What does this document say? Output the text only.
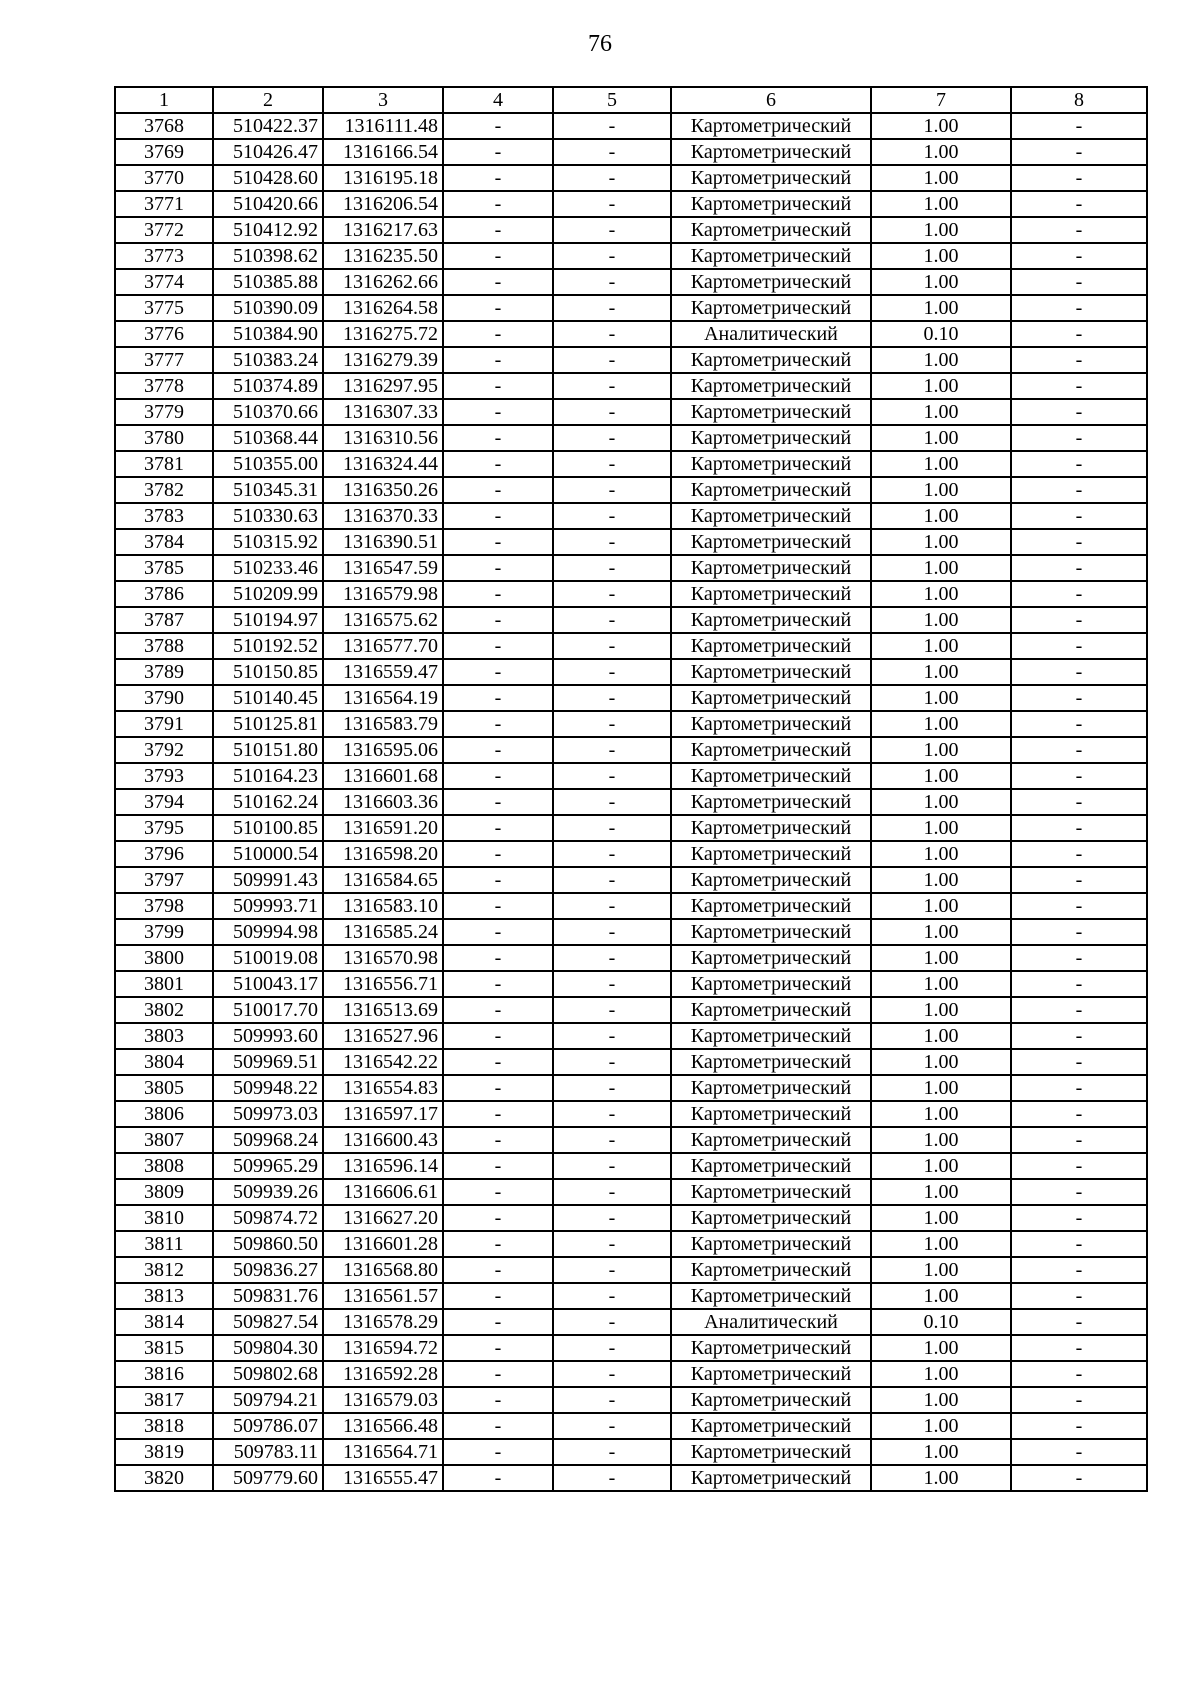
76
1	2	3	4	5	6	7	8
3768	510422.37	1316111.48	-	-	Картометрический	1.00	-
3769	510426.47	1316166.54	-	-	Картометрический	1.00	-
3770	510428.60	1316195.18	-	-	Картометрический	1.00	-
3771	510420.66	1316206.54	-	-	Картометрический	1.00	-
3772	510412.92	1316217.63	-	-	Картометрический	1.00	-
3773	510398.62	1316235.50	-	-	Картометрический	1.00	-
3774	510385.88	1316262.66	-	-	Картометрический	1.00	-
3775	510390.09	1316264.58	-	-	Картометрический	1.00	-
3776	510384.90	1316275.72	-	-	Аналитический	0.10	-
3777	510383.24	1316279.39	-	-	Картометрический	1.00	-
3778	510374.89	1316297.95	-	-	Картометрический	1.00	-
3779	510370.66	1316307.33	-	-	Картометрический	1.00	-
3780	510368.44	1316310.56	-	-	Картометрический	1.00	-
3781	510355.00	1316324.44	-	-	Картометрический	1.00	-
3782	510345.31	1316350.26	-	-	Картометрический	1.00	-
3783	510330.63	1316370.33	-	-	Картометрический	1.00	-
3784	510315.92	1316390.51	-	-	Картометрический	1.00	-
3785	510233.46	1316547.59	-	-	Картометрический	1.00	-
3786	510209.99	1316579.98	-	-	Картометрический	1.00	-
3787	510194.97	1316575.62	-	-	Картометрический	1.00	-
3788	510192.52	1316577.70	-	-	Картометрический	1.00	-
3789	510150.85	1316559.47	-	-	Картометрический	1.00	-
3790	510140.45	1316564.19	-	-	Картометрический	1.00	-
3791	510125.81	1316583.79	-	-	Картометрический	1.00	-
3792	510151.80	1316595.06	-	-	Картометрический	1.00	-
3793	510164.23	1316601.68	-	-	Картометрический	1.00	-
3794	510162.24	1316603.36	-	-	Картометрический	1.00	-
3795	510100.85	1316591.20	-	-	Картометрический	1.00	-
3796	510000.54	1316598.20	-	-	Картометрический	1.00	-
3797	509991.43	1316584.65	-	-	Картометрический	1.00	-
3798	509993.71	1316583.10	-	-	Картометрический	1.00	-
3799	509994.98	1316585.24	-	-	Картометрический	1.00	-
3800	510019.08	1316570.98	-	-	Картометрический	1.00	-
3801	510043.17	1316556.71	-	-	Картометрический	1.00	-
3802	510017.70	1316513.69	-	-	Картометрический	1.00	-
3803	509993.60	1316527.96	-	-	Картометрический	1.00	-
3804	509969.51	1316542.22	-	-	Картометрический	1.00	-
3805	509948.22	1316554.83	-	-	Картометрический	1.00	-
3806	509973.03	1316597.17	-	-	Картометрический	1.00	-
3807	509968.24	1316600.43	-	-	Картометрический	1.00	-
3808	509965.29	1316596.14	-	-	Картометрический	1.00	-
3809	509939.26	1316606.61	-	-	Картометрический	1.00	-
3810	509874.72	1316627.20	-	-	Картометрический	1.00	-
3811	509860.50	1316601.28	-	-	Картометрический	1.00	-
3812	509836.27	1316568.80	-	-	Картометрический	1.00	-
3813	509831.76	1316561.57	-	-	Картометрический	1.00	-
3814	509827.54	1316578.29	-	-	Аналитический	0.10	-
3815	509804.30	1316594.72	-	-	Картометрический	1.00	-
3816	509802.68	1316592.28	-	-	Картометрический	1.00	-
3817	509794.21	1316579.03	-	-	Картометрический	1.00	-
3818	509786.07	1316566.48	-	-	Картометрический	1.00	-
3819	509783.11	1316564.71	-	-	Картометрический	1.00	-
3820	509779.60	1316555.47	-	-	Картометрический	1.00	-
